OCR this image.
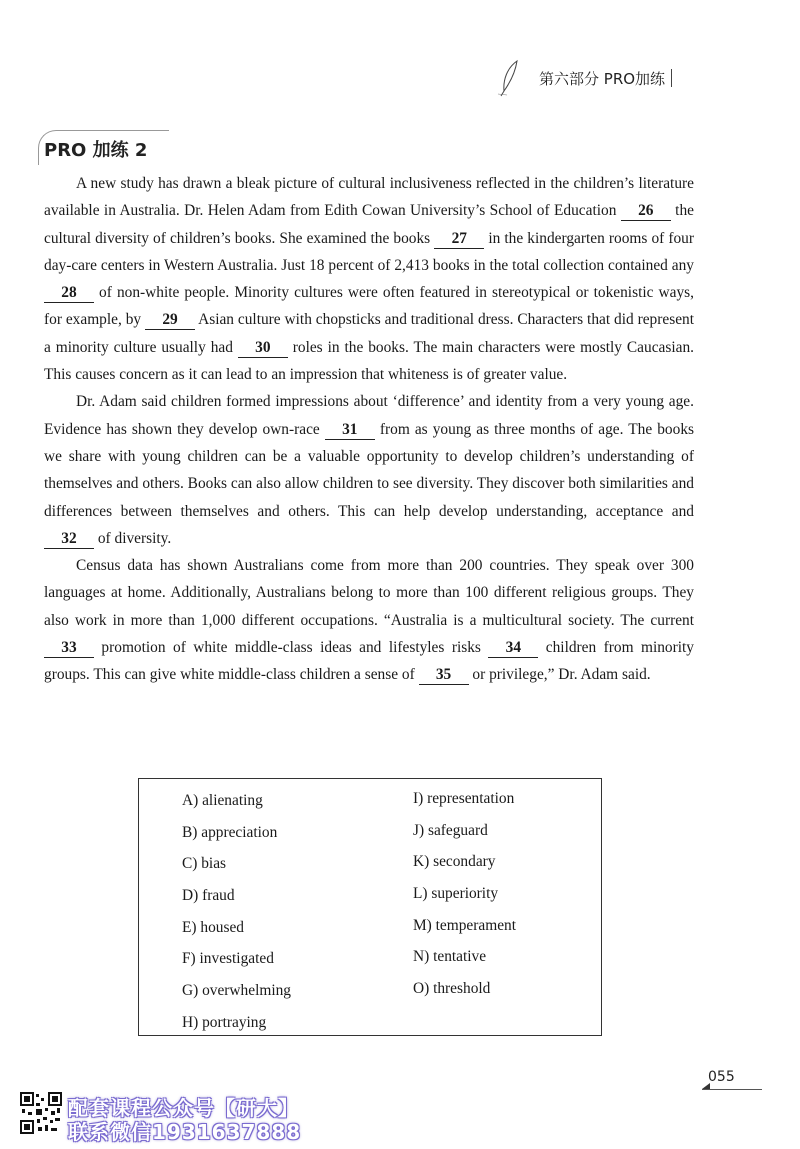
第六部分 PRO加练
PRO 加练 2

A new study has drawn a bleak picture of cultural inclusiveness reflected in the children’s literature available in Australia. Dr. Helen Adam from Edith Cowan University’s School of Education 26 the cultural diversity of children’s books. She examined the books 27 in the kindergarten rooms of four day-care centers in Western Australia. Just 18 percent of 2,413 books in the total collection contained any 28 of non-white people. Minority cultures were often featured in stereotypical or tokenistic ways, for example, by 29 Asian culture with chopsticks and traditional dress. Characters that did represent a minority culture usually had 30 roles in the books. The main characters were mostly Caucasian. This causes concern as it can lead to an impression that whiteness is of greater value.

Dr. Adam said children formed impressions about ‘difference’ and identity from a very young age. Evidence has shown they develop own-race 31 from as young as three months of age. The books we share with young children can be a valuable opportunity to develop children’s understanding of themselves and others. Books can also allow children to see diversity. They discover both similarities and differences between themselves and others. This can help develop understanding, acceptance and 32 of diversity.

Census data has shown Australians come from more than 200 countries. They speak over 300 languages at home. Additionally, Australians belong to more than 100 different religious groups. They also work in more than 1,000 different occupations. “Australia is a multicultural society. The current 33 promotion of white middle-class ideas and lifestyles risks 34 children from minority groups. This can give white middle-class children a sense of 35 or privilege,” Dr. Adam said.

A) alienating
B) appreciation
C) bias
D) fraud
E) housed
F) investigated
G) overwhelming
H) portraying
I) representation
J) safeguard
K) secondary
L) superiority
M) temperament
N) tentative
O) threshold
055
配套课程公众号【研大】
联系微信1931637888
